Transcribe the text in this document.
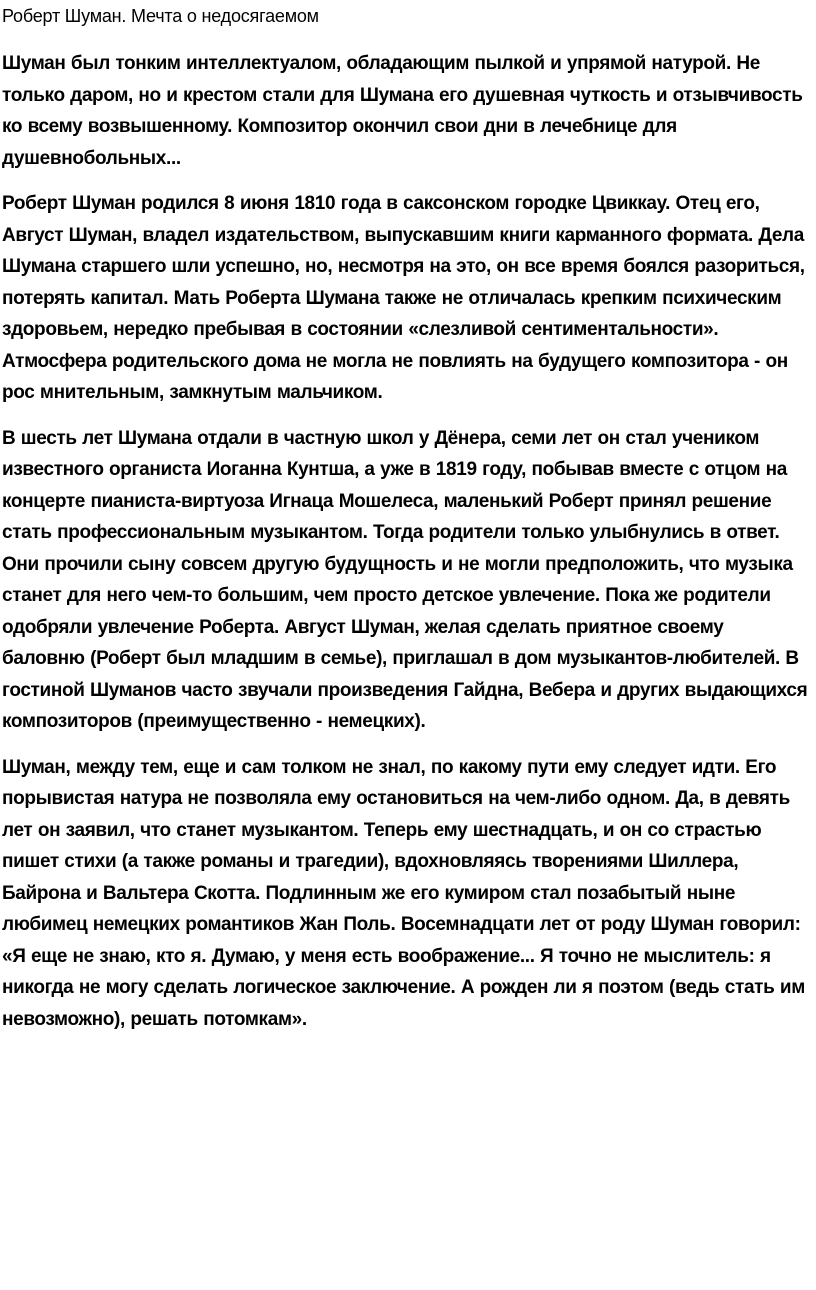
Роберт Шуман. Мечта о недосягаемом

Шуман был тонким интеллектуалом, обладающим пылкой и упрямой натурой. Не только даром, но и крестом стали для Шумана его душевная чуткость и отзывчивость ко всему возвышенному. Композитор окончил свои дни в лечебнице для душевнобольных...

Роберт Шуман родился 8 июня 1810 года в саксонском городке Цвиккау. Отец его, Август Шуман, владел издательством, выпускавшим книги карманного формата. Дела Шумана старшего шли успешно, но, несмотря на это, он все время боялся разориться, потерять капитал. Мать Роберта Шумана также не отличалась крепким психическим здоровьем, нередко пребывая в состоянии «слезливой сентиментальности». Атмосфера родительского дома не могла не повлиять на будущего композитора - он рос мнительным, замкнутым мальчиком.

В шесть лет Шумана отдали в частную школ у Дёнера, семи лет он стал учеником известного органиста Иоганна Кунтша, а уже в 1819 году, побывав вместе с отцом на концерте пианиста-виртуоза Игнаца Мошелеса, маленький Роберт принял решение стать профессиональным музыкантом. Тогда родители только улыбнулись в ответ. Они прочили сыну совсем другую будущность и не могли предположить, что музыка станет для него чем-то большим, чем просто детское увлечение. Пока же родители одобряли увлечение Роберта. Август Шуман, желая сделать приятное своему баловню (Роберт был младшим в семье), приглашал в дом музыкантов-любителей. В гостиной Шуманов часто звучали произведения Гайдна, Вебера и других выдающихся композиторов (преимущественно - немецких).

Шуман, между тем, еще и сам толком не знал, по какому пути ему следует идти. Его порывистая натура не позволяла ему остановиться на чем-либо одном. Да, в девять лет он заявил, что станет музыкантом. Теперь ему шестнадцать, и он со страстью пишет стихи (а также романы и трагедии), вдохновляясь творениями Шиллера, Байрона и Вальтера Скотта. Подлинным же его кумиром стал позабытый ныне любимец немецких романтиков Жан Поль. Восемнадцати лет от роду Шуман говорил: «Я еще не знаю, кто я. Думаю, у меня есть воображение... Я точно не мыслитель: я никогда не могу сделать логическое заключение. А рожден ли я поэтом (ведь стать им невозможно), решать потомкам».
